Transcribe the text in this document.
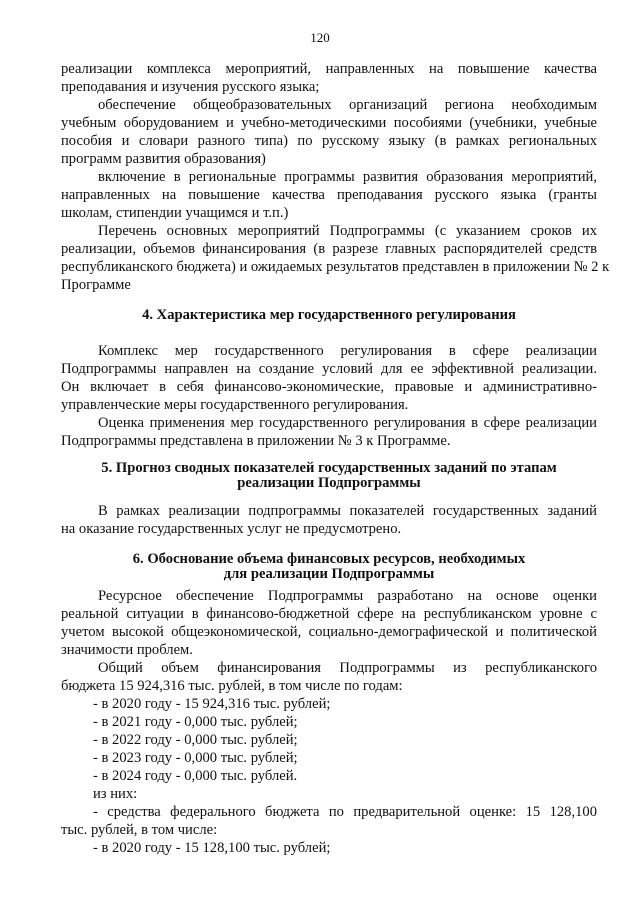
120
реализации комплекса мероприятий, направленных на повышение качества
преподавания и изучения русского языка;
обеспечение общеобразовательных организаций региона необходимым
учебным оборудованием и учебно-методическими пособиями (учебники, учебные
пособия и словари разного типа) по русскому языку (в рамках региональных
программ развития образования)
включение в региональные программы развития образования мероприятий,
направленных на повышение качества преподавания русского языка (гранты
школам, стипендии учащимся и т.п.)
Перечень основных мероприятий Подпрограммы (с указанием сроков их
реализации, объемов финансирования (в разрезе главных распорядителей средств
республиканского бюджета) и ожидаемых результатов представлен в приложении № 2 к
Программе
4. Характеристика мер государственного регулирования
Комплекс мер государственного регулирования в сфере реализации
Подпрограммы направлен на создание условий для ее эффективной реализации.
Он включает в себя финансово-экономические, правовые и административно-
управленческие меры государственного регулирования.
Оценка применения мер государственного регулирования в сфере реализации
Подпрограммы представлена в приложении № 3 к Программе.
5. Прогноз сводных показателей государственных заданий по этапам
реализации Подпрограммы
В рамках реализации подпрограммы показателей государственных заданий
на оказание государственных услуг не предусмотрено.
6. Обоснование объема финансовых ресурсов, необходимых
для реализации Подпрограммы
Ресурсное обеспечение Подпрограммы разработано на основе оценки
реальной ситуации в финансово-бюджетной сфере на республиканском уровне с
учетом высокой общеэкономической, социально-демографической и политической
значимости проблем.
Общий объем финансирования Подпрограммы из республиканского
бюджета 15 924,316 тыс. рублей, в том числе по годам:
- в 2020 году - 15 924,316 тыс. рублей;
- в 2021 году - 0,000 тыс. рублей;
- в 2022 году - 0,000 тыс. рублей;
- в 2023 году - 0,000 тыс. рублей;
- в 2024 году - 0,000 тыс. рублей.
из них:
- средства федерального бюджета по предварительной оценке: 15 128,100
тыс. рублей, в том числе:
- в 2020 году - 15 128,100 тыс. рублей;
